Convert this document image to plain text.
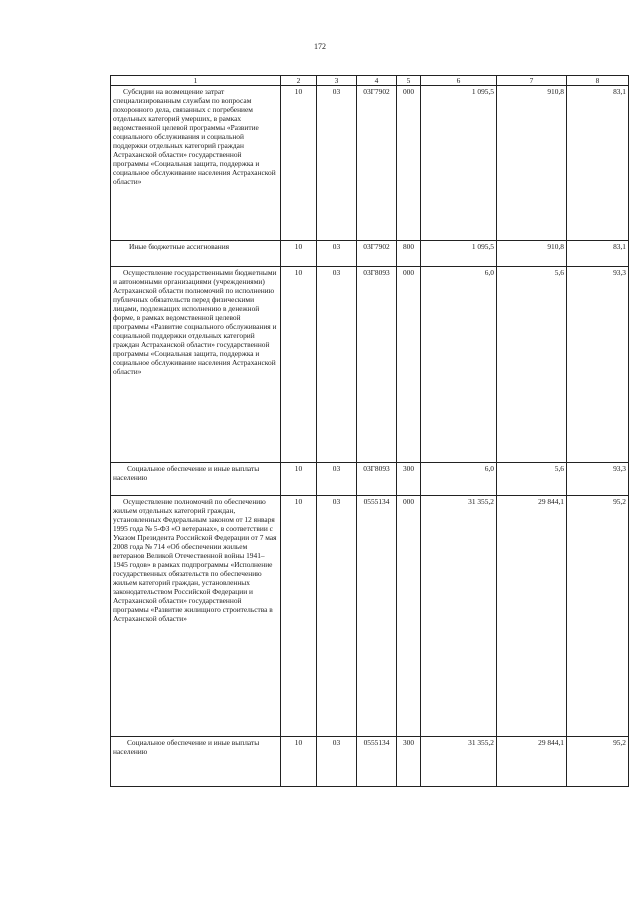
172
1	2	3	4	5	6	7	8

Субсидии на возмещение затрат специализированным службам по вопросам похоронного дела, связанных с погребением отдельных категорий умерших, в рамках ведомственной целевой программы «Развитие социального обслуживания и социальной поддержки отдельных категорий граждан Астраханской области» государственной программы «Социальная защита, поддержка и социальное обслуживание населения Астраханской области»	10	03	03Г7902	000	1 095,5	910,8	83,1

Иные бюджетные ассигнования	10	03	03Г7902	800	1 095,5	910,8	83,1

Осуществление государственными бюджетными и автономными организациями (учреждениями) Астраханской области полномочий по исполнению публичных обязательств перед физическими лицами, подлежащих исполнению в денежной форме, в рамках ведомственной целевой программы «Развитие социального обслуживания и социальной поддержки отдельных категорий граждан Астраханской области» государственной программы «Социальная защита, поддержка и социальное обслуживание населения Астраханской области»	10	03	03Г8093	000	6,0	5,6	93,3

Социальное обеспечение и иные выплаты населению	10	03	03Г8093	300	6,0	5,6	93,3

Осуществление полномочий по обеспечению жильем отдельных категорий граждан, установленных Федеральным законом от 12 января 1995 года № 5-ФЗ «О ветеранах», в соответствии с Указом Президента Российской Федерации от 7 мая 2008 года № 714 «Об обеспечении жильем ветеранов Великой Отечественной войны 1941–1945 годов» в рамках подпрограммы «Исполнение государственных обязательств по обеспечению жильем категорий граждан, установленных законодательством Российской Федерации и Астраханской области» государственной программы «Развитие жилищного строительства в Астраханской области»	10	03	0555134	000	31 355,2	29 844,1	95,2

Социальное обеспечение и иные выплаты населению	10	03	0555134	300	31 355,2	29 844,1	95,2
